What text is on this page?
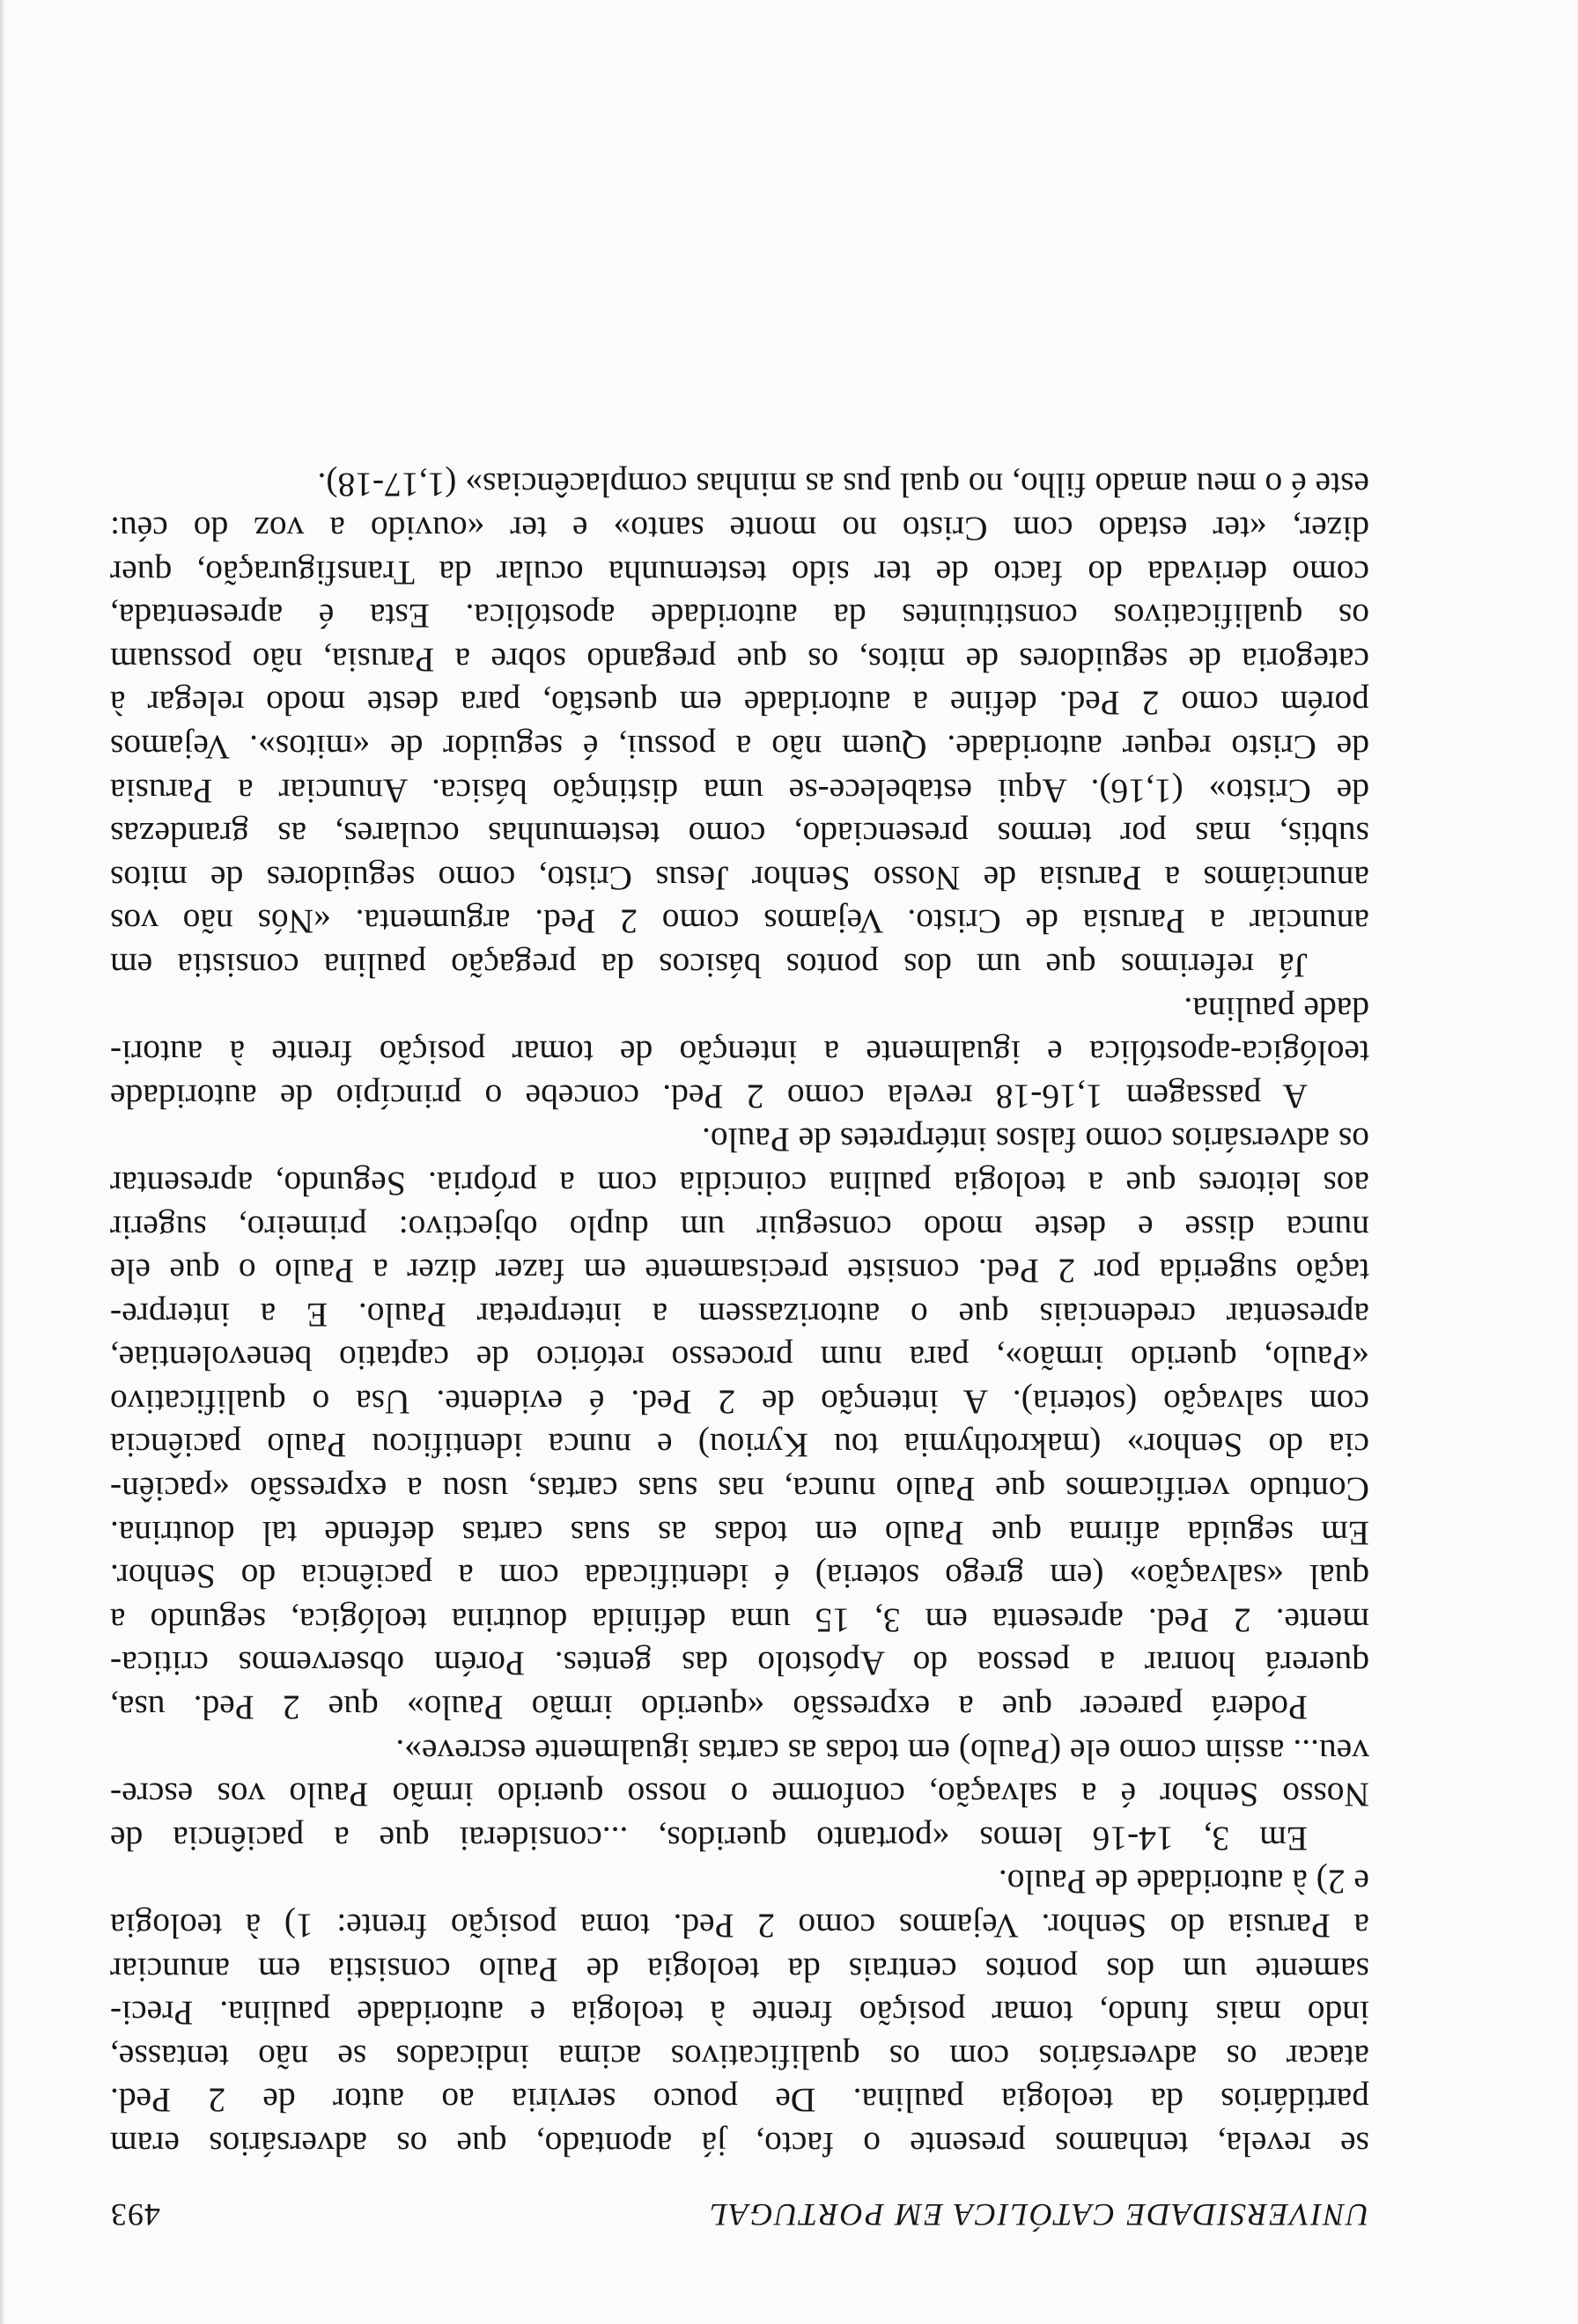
UNIVERSIDADE CATÓLICA EM PORTUGAL
493
se revela, tenhamos presente o facto, já apontado, que os adversários eram
partidários da teologia paulina. De pouco serviria ao autor de 2 Ped.
atacar os adversários com os qualificativos acima indicados se não tentasse,
indo mais fundo, tomar posição frente à teologia e autoridade paulina. Preci-
samente um dos pontos centrais da teologia de Paulo consistia em anunciar
a Parusia do Senhor. Vejamos como 2 Ped. toma posição frente: 1) à teologia
e 2) à autoridade de Paulo.
Em 3, 14-16 lemos «portanto queridos, ...considerai que a paciência de
Nosso Senhor é a salvação, conforme o nosso querido irmão Paulo vos escre-
veu... assim como ele (Paulo) em todas as cartas igualmente escreve».
Poderá parecer que a expressão «querido irmão Paulo» que 2 Ped. usa,
quererá honrar a pessoa do Apóstolo das gentes. Porém observemos critica-
mente. 2 Ped. apresenta em 3, 15 uma definida doutrina teológica, segundo a
qual «salvação» (em grego soteria) é identificada com a paciência do Senhor.
Em seguida afirma que Paulo em todas as suas cartas defende tal doutrina.
Contudo verificamos que Paulo nunca, nas suas cartas, usou a expressão «paciên-
cia do Senhor» (makrothymia tou Kyriou) e nunca identificou Paulo paciência
com salvação (soteria). A intenção de 2 Ped. é evidente. Usa o qualificativo
«Paulo, querido irmão», para num processo retórico de captatio benevolentiae,
apresentar credenciais que o autorizassem a interpretar Paulo. E a interpre-
tação sugerida por 2 Ped. consiste precisamente em fazer dizer a Paulo o que ele
nunca disse e deste modo conseguir um duplo objectivo: primeiro, sugerir
aos leitores que a teologia paulina coincidia com a própria. Segundo, apresentar
os adversários como falsos intérpretes de Paulo.
A passagem 1,16-18 revela como 2 Ped. concebe o princípio de autoridade
teológica-apostólica e igualmente a intenção de tomar posição frente à autori-
dade paulina.
Já referimos que um dos pontos básicos da pregação paulina consistia em
anunciar a Parusia de Cristo. Vejamos como 2 Ped. argumenta. «Nós não vos
anunciámos a Parusia de Nosso Senhor Jesus Cristo, como seguidores de mitos
subtis, mas por termos presenciado, como testemunhas oculares, as grandezas
de Cristo» (1,16). Aqui estabelece-se uma distinção básica. Anunciar a Parusia
de Cristo requer autoridade. Quem não a possui, é seguidor de «mitos». Vejamos
porém como 2 Ped. define a autoridade em questão, para deste modo relegar à
categoria de seguidores de mitos, os que pregando sobre a Parusia, não possuam
os qualificativos constituintes da autoridade apostólica. Esta é apresentada,
como derivada do facto de ter sido testemunha ocular da Transfiguração, quer
dizer, «ter estado com Cristo no monte santo» e ter «ouvido a voz do céu:
este é o meu amado filho, no qual pus as minhas complacências» (1,17-18).
